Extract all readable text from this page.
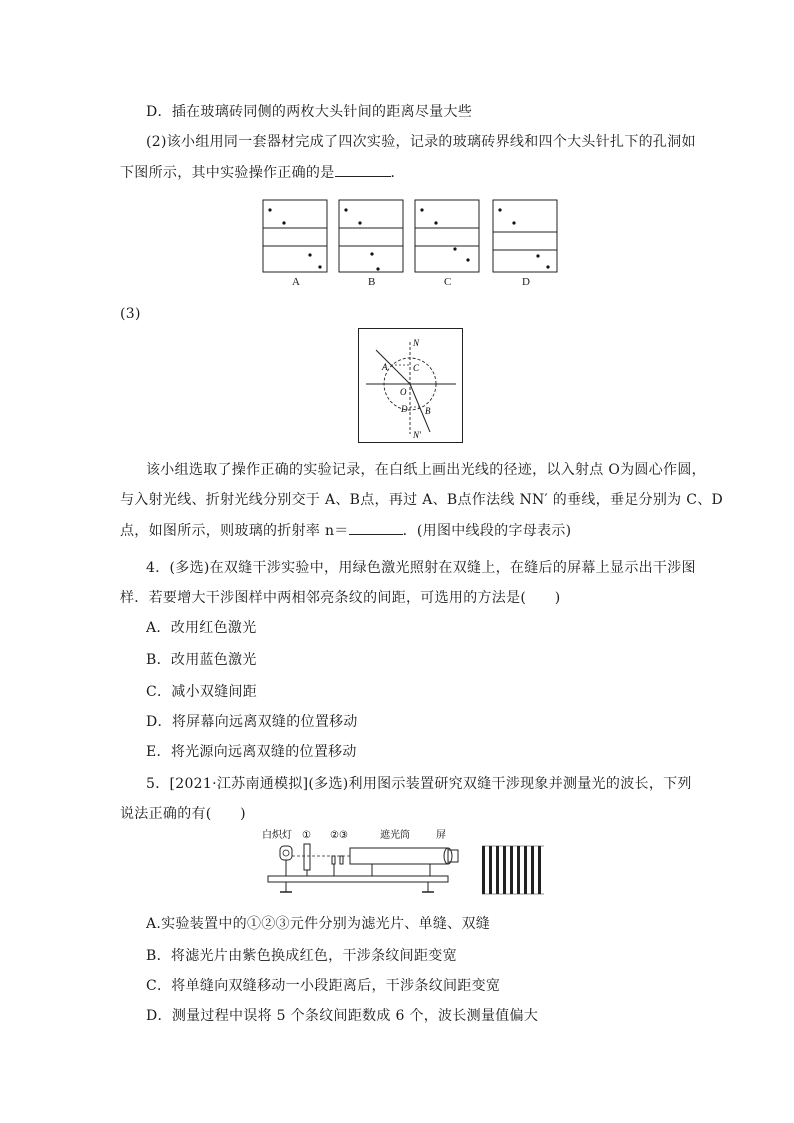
D．插在玻璃砖同侧的两枚大头针间的距离尽量大些
(2)该小组用同一套器材完成了四次实验，记录的玻璃砖界线和四个大头针扎下的孔洞如
下图所示，其中实验操作正确的是	．
A	B	C	D
(3)
N
A	C
O
D B
N′
该小组选取了操作正确的实验记录，在白纸上画出光线的径迹，以入射点 O为圆心作圆，
与入射光线、折射光线分别交于 A、B点，再过 A、B点作法线 NN′ 的垂线，垂足分别为 C、D
点，如图所示，则玻璃的折射率 n＝	．(用图中线段的字母表示)
4．(多选)在双缝干涉实验中，用绿色激光照射在双缝上，在缝后的屏幕上显示出干涉图
样．若要增大干涉图样中两相邻亮条纹的间距，可选用的方法是(　　)
A．改用红色激光
B．改用蓝色激光
C．减小双缝间距
D．将屏幕向远离双缝的位置移动
E．将光源向远离双缝的位置移动
5．[2021·江苏南通模拟](多选)利用图示装置研究双缝干涉现象并测量光的波长，下列
说法正确的有(　　)
白炽灯 ① ②③	遮光筒	屏
A.实验装置中的①②③元件分别为滤光片、单缝、双缝
B．将滤光片由紫色换成红色，干涉条纹间距变宽
C．将单缝向双缝移动一小段距离后，干涉条纹间距变宽
D．测量过程中误将 5 个条纹间距数成 6 个，波长测量值偏大
